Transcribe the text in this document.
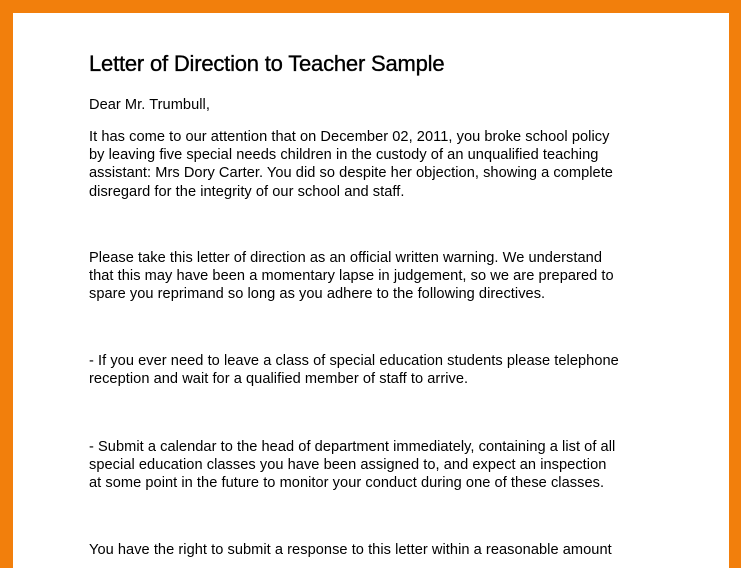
Letter of Direction to Teacher Sample

Dear Mr. Trumbull,

It has come to our attention that on December 02, 2011, you broke school policy
by leaving five special needs children in the custody of an unqualified teaching
assistant: Mrs Dory Carter. You did so despite her objection, showing a complete
disregard for the integrity of our school and staff.

Please take this letter of direction as an official written warning. We understand
that this may have been a momentary lapse in judgement, so we are prepared to
spare you reprimand so long as you adhere to the following directives.

- If you ever need to leave a class of special education students please telephone
reception and wait for a qualified member of staff to arrive.

- Submit a calendar to the head of department immediately, containing a list of all
special education classes you have been assigned to, and expect an inspection
at some point in the future to monitor your conduct during one of these classes.

You have the right to submit a response to this letter within a reasonable amount
